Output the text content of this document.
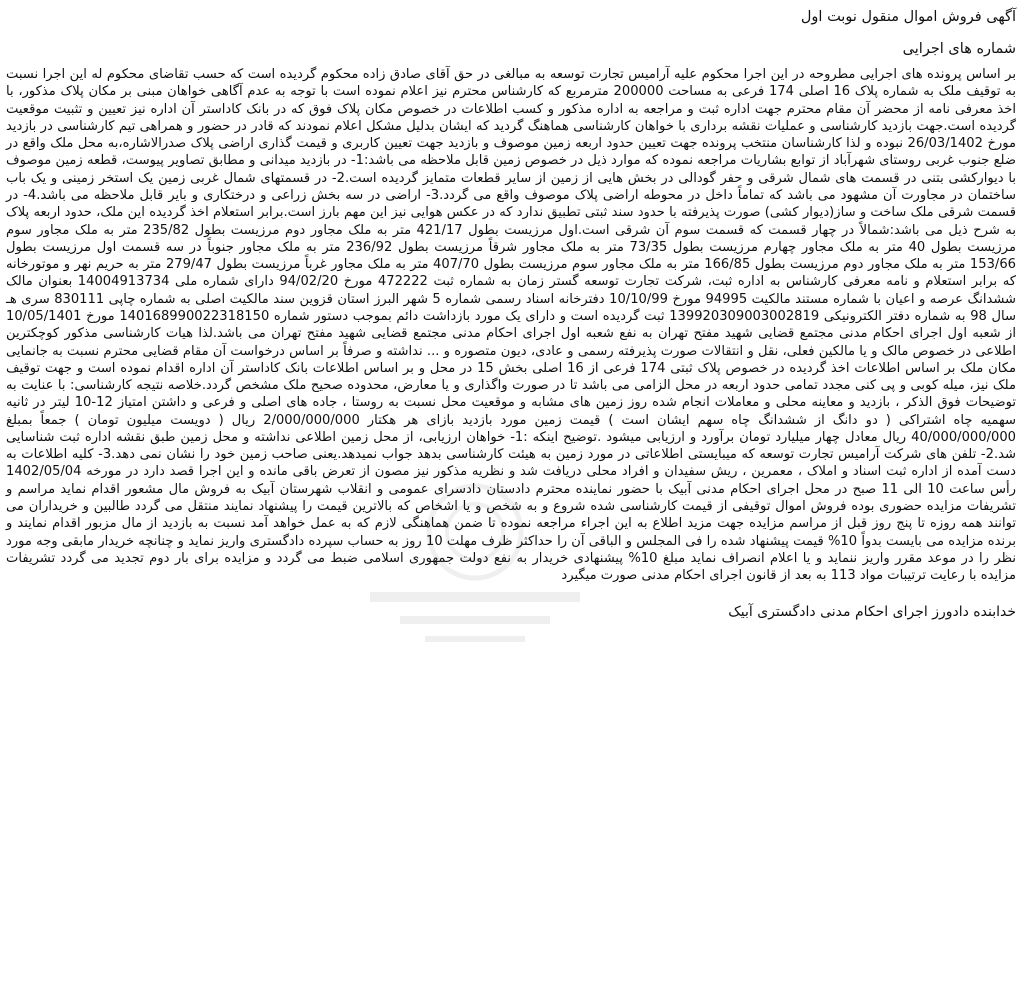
آگهی فروش اموال منقول نوبت اول
شماره های اجرایی

بر اساس پرونده های اجرایی مطروحه در این اجرا محکوم علیه آرامیس تجارت توسعه به مبالغی در حق آقای صادق زاده محکوم گردیده است که حسب تقاضای محکوم له این اجرا نسبت به توقیف ملک به شماره پلاک 16 اصلی 174 فرعی به مساحت 200000 مترمربع که کارشناس محترم نیز اعلام نموده است با توجه به عدم آگاهی خواهان مبنی بر مکان پلاک مذکور، با اخذ معرفی نامه از محضر آن مقام محترم جهت اداره ثبت و مراجعه به اداره مذکور و کسب اطلاعات در خصوص مکان پلاک فوق که در بانک کاداستر آن اداره نیز تعیین و تثبیت موقعیت گردیده است.جهت بازدید کارشناسی و عملیات نقشه برداری با خواهان کارشناسی هماهنگ گردید که ایشان بدلیل مشکل اعلام نمودند که قادر در حضور و همراهی تیم کارشناسی در بازدید مورخ 26/03/1402 نبوده و لذا کارشناسان منتخب پرونده جهت تعیین حدود اربعه زمین موصوف و بازدید جهت تعیین کاربری و قیمت گذاری اراضی پلاک صدرالاشاره،به محل ملک واقع در ضلع جنوب غربی روستای شهرآباد از توابع بشاریات مراجعه نموده که موارد ذیل در خصوص زمین قابل ملاحظه می باشد:1- در بازدید میدانی و مطابق تصاویر پیوست، قطعه زمین موصوف با دیوارکشی بتنی در قسمت های شمال شرقی و حفر گودالی در بخش هایی از زمین از سایر قطعات متمایز گردیده است.2- در قسمتهای شمال غربی زمین یک استخر زمینی و یک باب ساختمان در مجاورت آن مشهود می باشد که تماماً داخل در محوطه اراضی پلاک موصوف واقع می گردد.3- اراضی در سه بخش زراعی و درختکاری و بایر قابل ملاحظه می باشد.4- در قسمت شرقی ملک ساخت و ساز(دیوار کشی) صورت پذیرفته با حدود سند ثبتی تطبیق ندارد که در عکس هوایی نیز این مهم بارز است.برابر استعلام اخذ گردیده این ملک، حدود اربعه پلاک به شرح ذیل می باشد:شمالاً در چهار قسمت که قسمت سوم آن شرقی است.اول مرزیست بطول 421/17 متر به ملک مجاور دوم مرزیست بطول 235/82 متر به ملک مجاور سوم مرزیست بطول 40 متر به ملک مجاور چهارم مرزیست بطول 73/35 متر به ملک مجاور شرقاً مرزیست بطول 236/92 متر به ملک مجاور جنوباً در سه قسمت اول مرزیست بطول 153/66 متر به ملک مجاور دوم مرزیست بطول 166/85 متر به ملک مجاور سوم مرزیست بطول 407/70 متر به ملک مجاور غرباً مرزیست بطول 279/47 متر به حریم نهر و موتورخانه که برابر استعلام و نامه معرفی کارشناس به اداره ثبت، شرکت تجارت توسعه گستر زمان به شماره ثبت 472222 مورخ 94/02/20 دارای شماره ملی 14004913734 بعنوان مالک ششدانگ عرصه و اعیان با شماره مستند مالکیت 94995 مورخ 10/10/99 دفترخانه اسناد رسمی شماره 5 شهر البرز استان قزوین سند مالکیت اصلی به شماره چاپی 830111 سری هـ سال 98 به شماره دفتر الکترونیکی 139920309003002819 ثبت گردیده است و دارای یک مورد بازداشت دائم بموجب دستور شماره 140168990022318150 مورخ 10/05/1401 از شعبه اول اجرای احکام مدنی مجتمع قضایی شهید مفتح تهران به نفع شعبه اول اجرای احکام مدنی مجتمع قضایی شهید مفتح تهران می باشد.لذا هیات کارشناسی مذکور کوچکترین اطلاعی در خصوص مالک و یا مالکین فعلی، نقل و انتقالات صورت پذیرفته رسمی و عادی، دیون متصوره و ... نداشته و صرفاً بر اساس درخواست آن مقام قضایی محترم نسبت به جانمایی مکان ملک بر اساس اطلاعات اخذ گردیده در خصوص پلاک ثبتی 174 فرعی از 16 اصلی بخش 15 در محل و بر اساس اطلاعات بانک کاداستر آن اداره اقدام نموده است و جهت توقیف ملک نیز، میله کوبی و پی کنی مجدد تمامی حدود اربعه در محل الزامی می باشد تا در صورت واگذاری و یا معارض، محدوده صحیح ملک مشخص گردد.خلاصه نتیجه کارشناسی: با عنایت به توضیحات فوق الذکر ، بازدید و معاینه محلی و معاملات انجام شده روز زمین های مشابه و موقعیت محل نسبت به روستا ، جاده های اصلی و فرعی و داشتن امتیاز 12-10 لیتر در ثانیه سهمیه چاه اشتراکی ( دو دانگ از ششدانگ چاه سهم ایشان است ) قیمت زمین مورد بازدید بازای هر هکتار 2/000/000/000 ریال ( دویست میلیون تومان ) جمعاً بمبلغ 40/000/000/000 ریال معادل چهار میلیارد تومان برآورد و ارزیابی میشود .توضیح اینکه :1- خواهان ارزیابی، از محل زمین اطلاعی نداشته و محل زمین طبق نقشه اداره ثبت شناسایی شد.2- تلفن های شرکت آرامیس تجارت توسعه که میبایستی اطلاعاتی در مورد زمین به هیئت کارشناسی بدهد جواب نمیدهد.یعنی صاحب زمین خود را نشان نمی دهد.3- کلیه اطلاعات به دست آمده از اداره ثبت اسناد و املاک ، معمرین ، ریش سفیدان و افراد محلی دریافت شد و نظریه مذکور نیز مصون از تعرض باقی مانده و این اجرا قصد دارد در مورخه 1402/05/04 رأس ساعت 10 الی 11 صبح در محل اجرای احکام مدنی آبیک با حضور نماینده محترم دادستان دادسرای عمومی و انقلاب شهرستان آبیک به فروش مال مشعور اقدام نماید مراسم و تشریفات مزایده حضوری بوده فروش اموال توقیفی از قیمت کارشناسی شده شروع و به شخص و یا اشخاص که بالاترین قیمت را پیشنهاد نمایند منتقل می گردد طالبین و خریداران می توانند همه روزه تا پنج روز قبل از مراسم مزایده جهت مزید اطلاع به این اجراء مراجعه نموده تا ضمن هماهنگی لازم که به عمل خواهد آمد نسبت به بازدید از مال مزبور اقدام نمایند و برنده مزایده می بایست بدواً 10% قیمت پیشنهاد شده را فی المجلس و الباقی آن را حداکثر ظرف مهلت 10 روز به حساب سپرده دادگستری واریز نماید و چنانچه خریدار مابقی وجه مورد نظر را در موعد مقرر واریز ننماید و یا اعلام انصراف نماید مبلغ 10% پیشنهادی خریدار به نفع دولت جمهوری اسلامی ضبط می گردد و مزایده برای بار دوم تجدید می گردد تشریفات مزایده با رعایت ترتیبات مواد 113 به بعد از قانون اجرای احکام مدنی صورت میگیرد

خدابنده دادورز اجرای احکام مدنی دادگستری آبیک
